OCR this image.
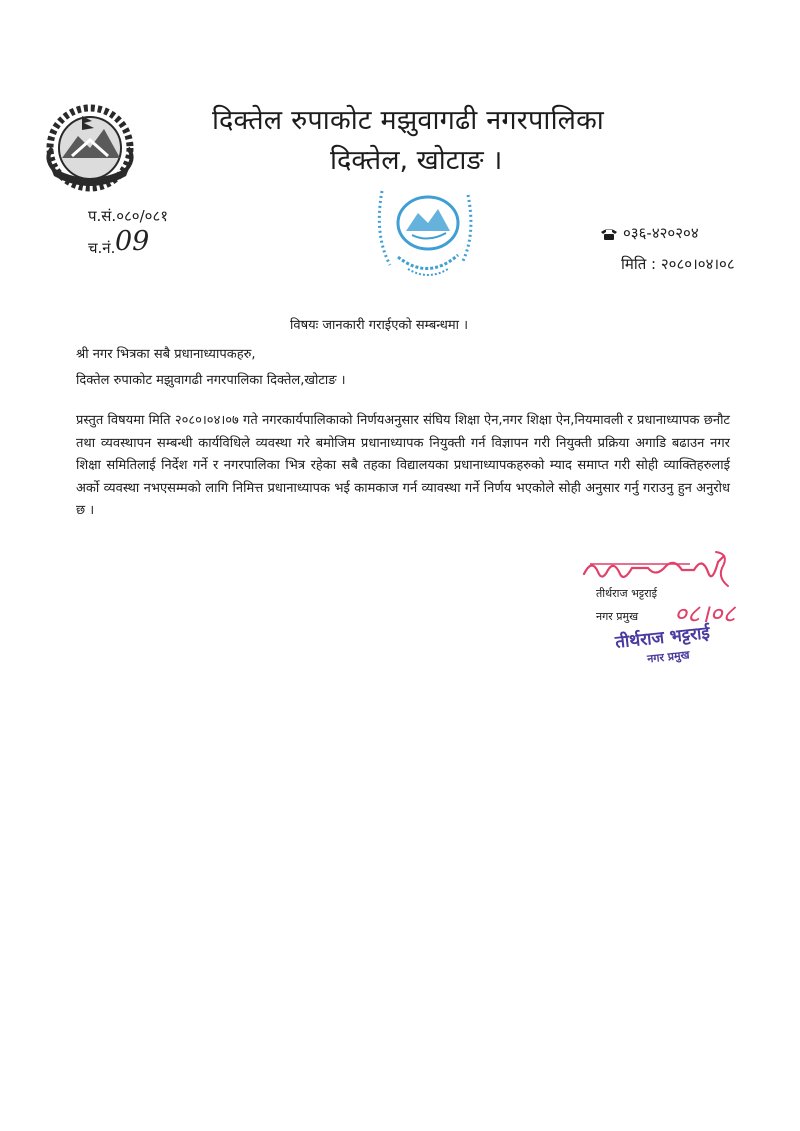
दिक्तेल रुपाकोट मझुवागढी नगरपालिका
दिक्तेल, खोटाङ ।
प.सं.०८०/०८१
च.नं. 09	०३६-४२०२०४
मिति : २०८०।०४।०८
विषयः जानकारी गराईएको सम्बन्धमा ।
श्री नगर भित्रका सबै प्रधानाध्यापकहरु,
दिक्तेल रुपाकोट मझुवागढी नगरपालिका दिक्तेल,खोटाङ ।

प्रस्तुत विषयमा मिति २०८०।०४।०७ गते नगरकार्यपालिकाको निर्णयअनुसार संघिय शिक्षा ऐन,नगर शिक्षा ऐन,नियमावली र प्रधानाध्यापक छनौट तथा व्यवस्थापन सम्बन्धी कार्यविधिले व्यवस्था गरे बमोजिम प्रधानाध्यापक नियुक्ती गर्न विज्ञापन गरी नियुक्ती प्रक्रिया अगाडि बढाउन नगर शिक्षा समितिलाई निर्देश गर्ने र नगरपालिका भित्र रहेका सबै तहका विद्यालयका प्रधानाध्यापकहरुको म्याद समाप्त गरी सोही व्याक्तिहरुलाई अर्को व्यवस्था नभएसम्मको लागि निमित्त प्रधानाध्यापक भई कामकाज गर्न व्यावस्था गर्ने निर्णय भएकोले सोही अनुसार गर्नु गराउनु हुन अनुरोध छ ।

तीर्थराज भट्टराई
नगर प्रमुख ०८।०८
तीर्थराज भट्टराई
नगर प्रमुख
